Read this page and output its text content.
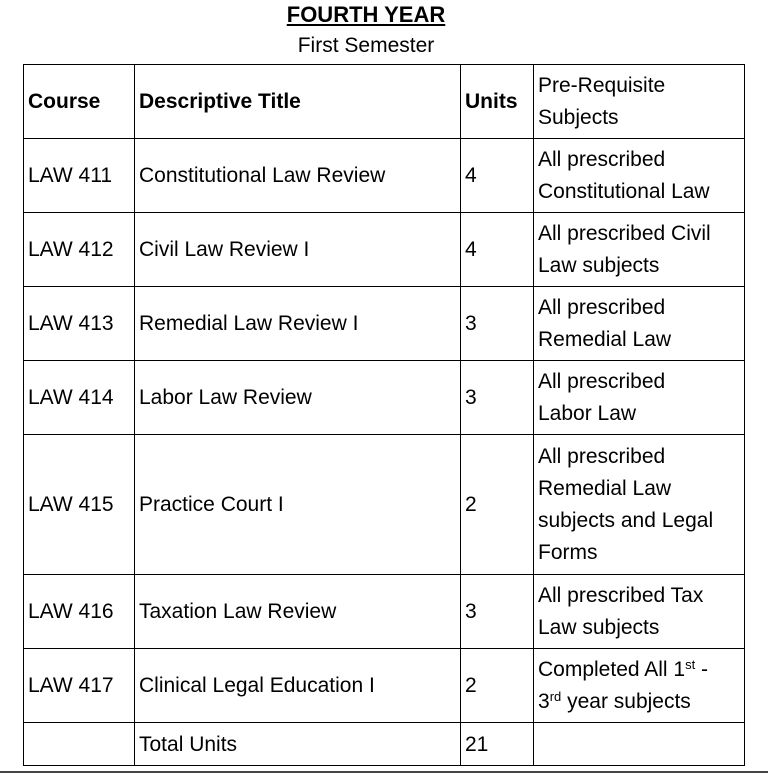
FOURTH YEAR
First Semester
Course	Descriptive Title	Units	Pre-Requisite
Subjects
LAW 411	Constitutional Law Review	4	All prescribed
Constitutional Law
LAW 412	Civil Law Review I	4	All prescribed Civil
Law subjects
LAW 413	Remedial Law Review I	3	All prescribed
Remedial Law
LAW 414	Labor Law Review	3	All prescribed
Labor Law
LAW 415	Practice Court I	2	All prescribed
Remedial Law
subjects and Legal
Forms
LAW 416	Taxation Law Review	3	All prescribed Tax
Law subjects
LAW 417	Clinical Legal Education I	2	Completed All 1st -
3rd year subjects
	Total Units	21	
